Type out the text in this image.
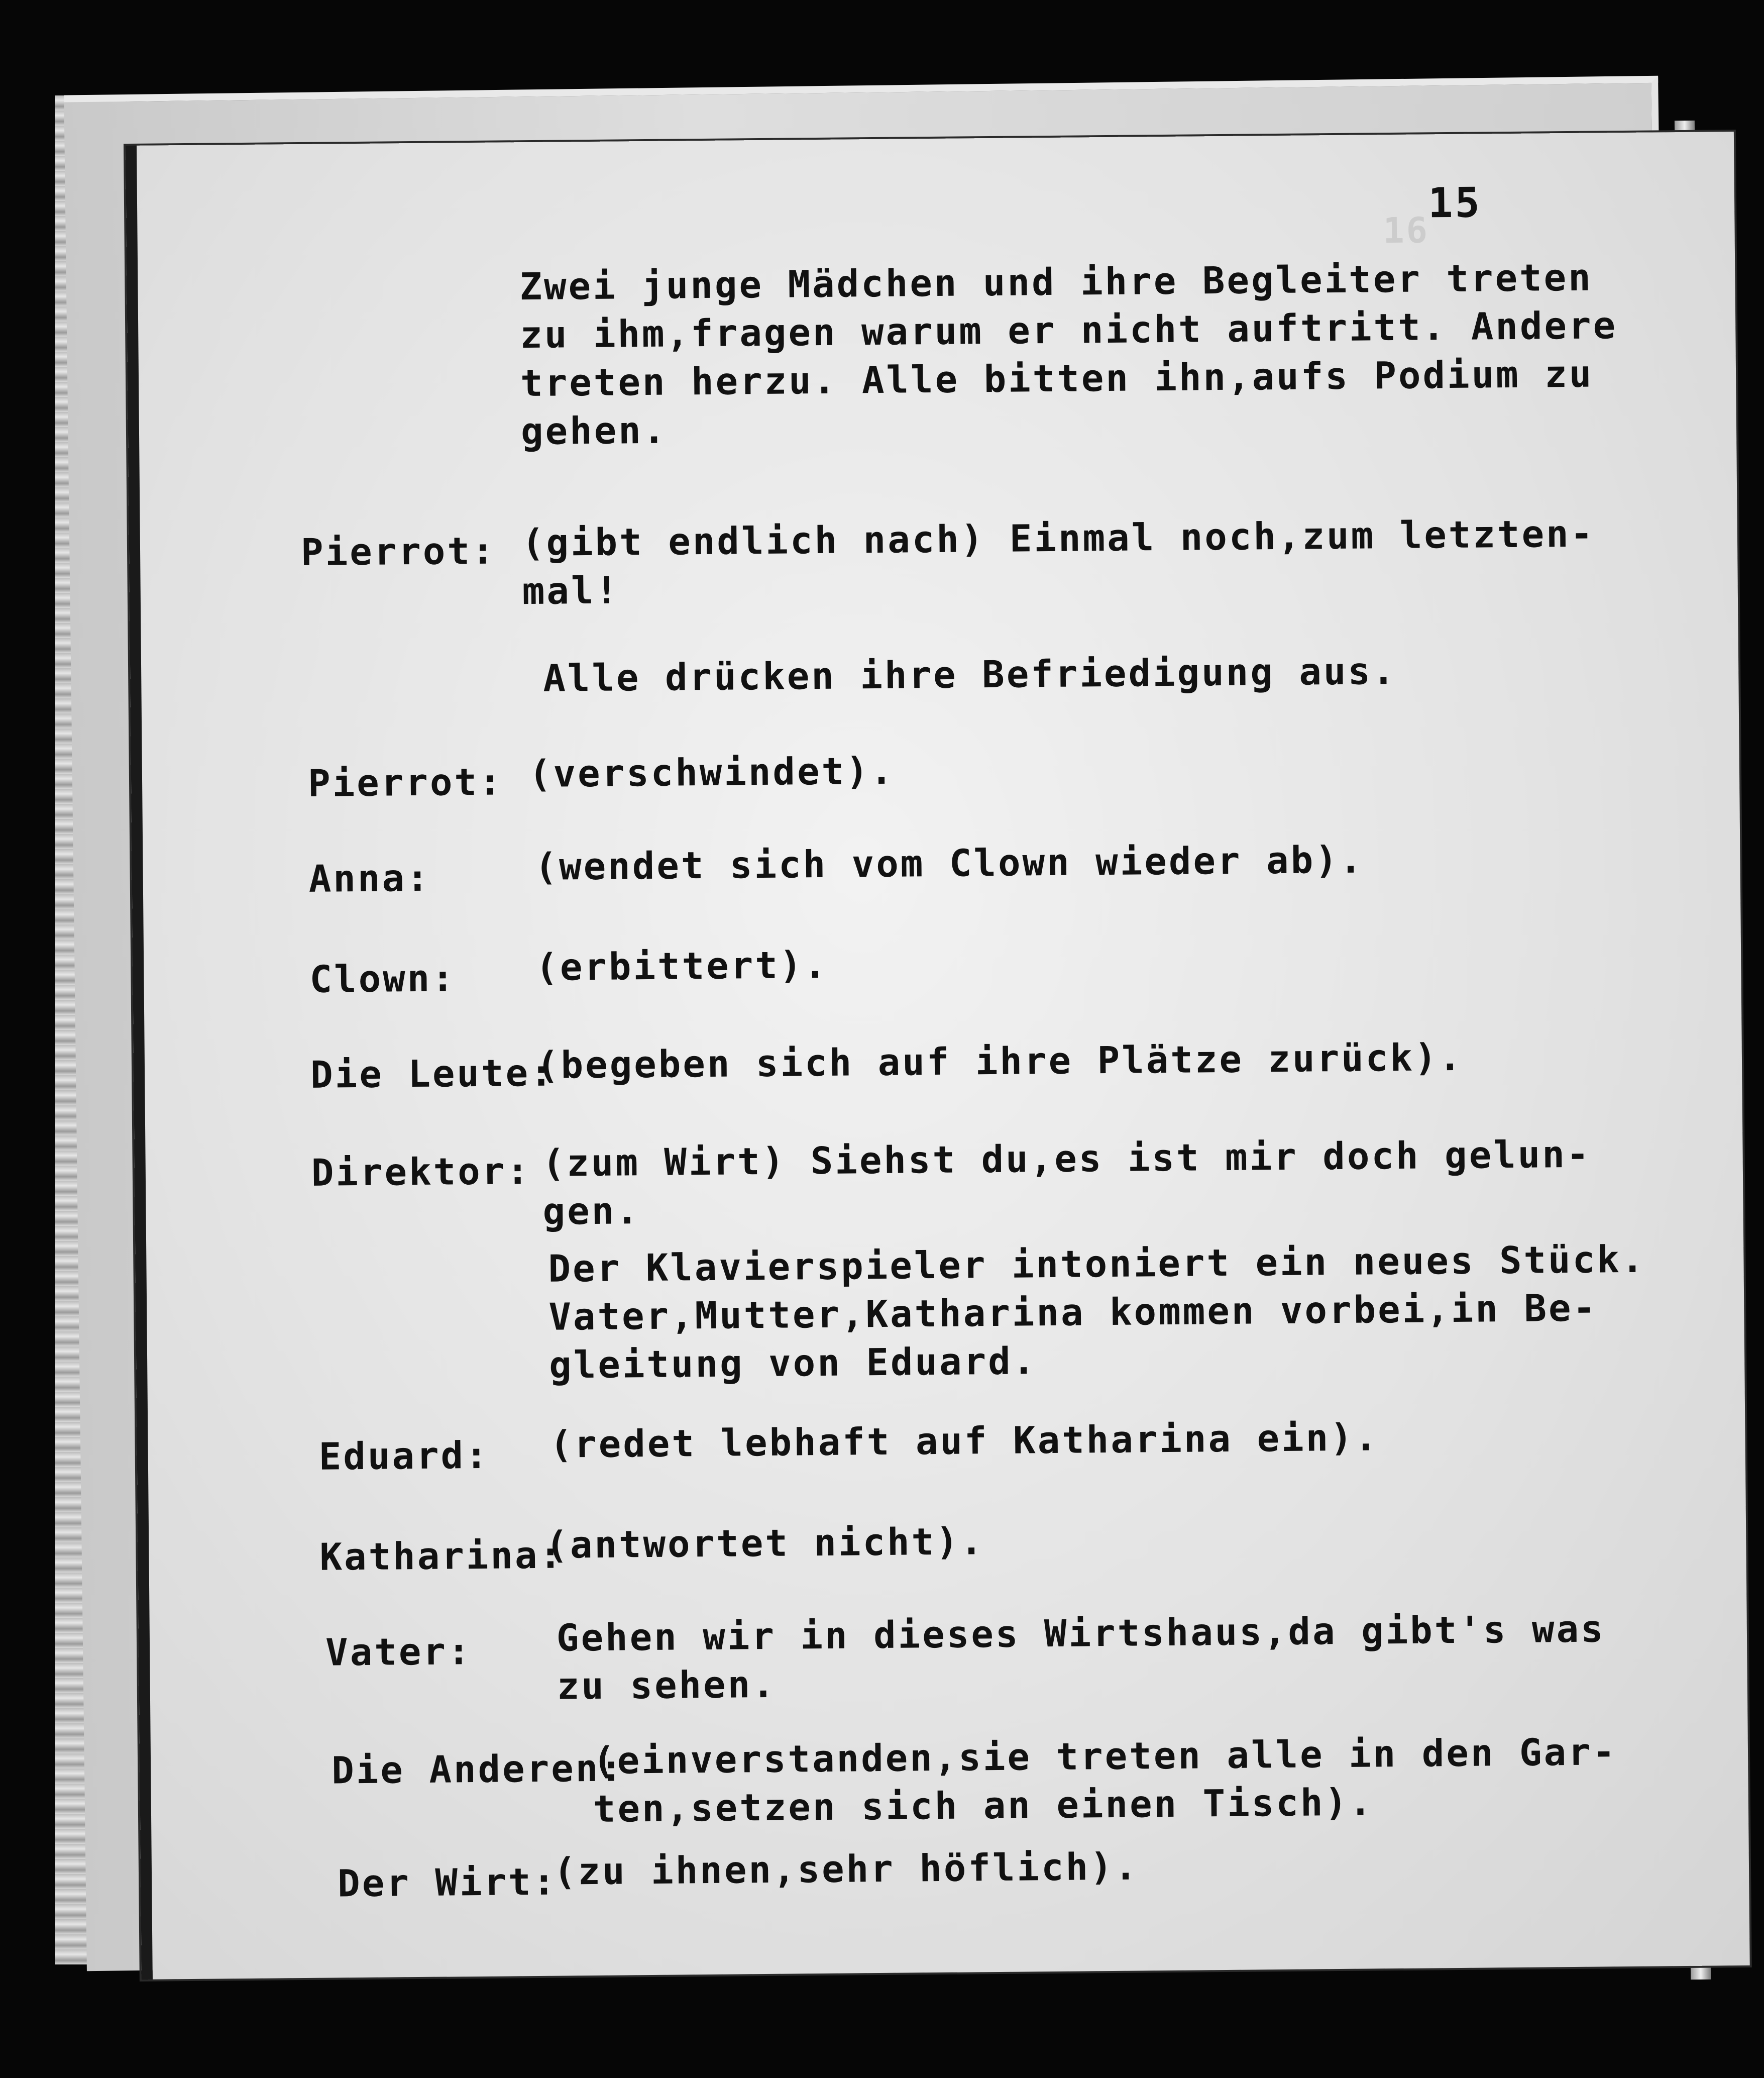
16
15
Zwei junge Mädchen und ihre Begleiter treten
zu ihm,fragen warum er nicht auftritt. Andere
treten herzu. Alle bitten ihn,aufs Podium zu
gehen.
Pierrot: (gibt endlich nach) Einmal noch,zum letzten-
mal!
Alle drücken ihre Befriedigung aus.
Pierrot: (verschwindet).
Anna:	(wendet sich vom Clown wieder ab).
Clown: (erbittert).
Die Leute:
(begeben sich auf ihre Plätze zurück).
Direktor: (zum Wirt) Siehst du,es ist mir doch gelun-
gen.
Der Klavierspieler intoniert ein neues Stück.
Vater,Mutter,Katharina kommen vorbei,in Be-
gleitung von Eduard.
Eduard: (redet lebhaft auf Katharina ein).
Katharina:
(antwortet nicht).
Vater: Gehen wir in dieses Wirtshaus,da gibt's was
zu sehen.
Die Anderen:
(einverstanden,sie treten alle in den Gar-
ten,setzen sich an einen Tisch).
Der Wirt:
(zu ihnen,sehr höflich).
